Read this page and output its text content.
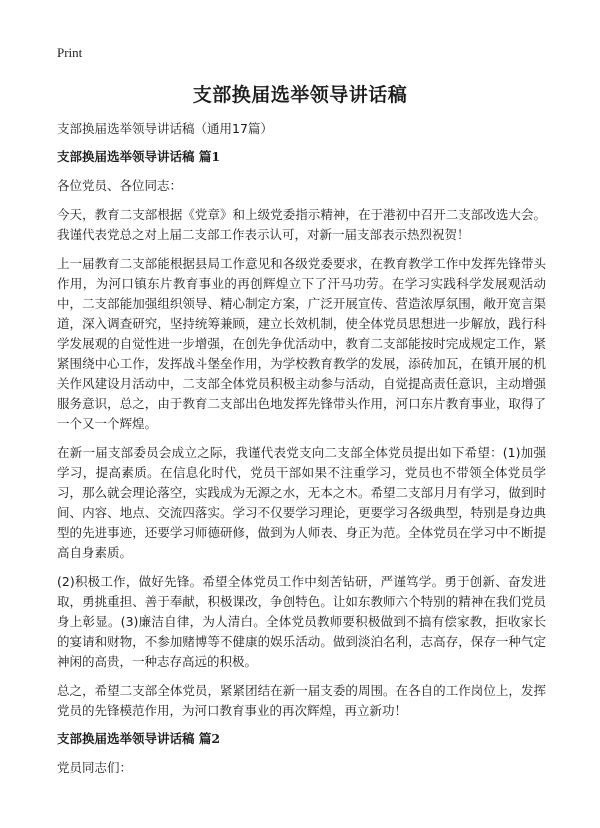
Print
支部换届选举领导讲话稿

支部换届选举领导讲话稿（通用17篇）

支部换届选举领导讲话稿 篇1

各位党员、各位同志：

今天，教育二支部根据《党章》和上级党委指示精神，在于港初中召开二支部改选大会。我谨代表党总之对上届二支部工作表示认可，对新一届支部表示热烈祝贺！

上一届教育二支部能根据县局工作意见和各级党委要求，在教育教学工作中发挥先锋带头作用，为河口镇东片教育事业的再创辉煌立下了汗马功劳。在学习实践科学发展观活动中，二支部能加强组织领导、精心制定方案，广泛开展宣传、营造浓厚氛围，敞开宽言渠道，深入调查研究，坚持统筹兼顾，建立长效机制，使全体党员思想进一步解放，践行科学发展观的自觉性进一步增强，在创先争优活动中，教育二支部能按时完成规定工作，紧紧围绕中心工作，发挥战斗堡垒作用，为学校教育教学的发展，添砖加瓦，在镇开展的机关作风建设月活动中，二支部全体党员积极主动参与活动，自觉提高责任意识，主动增强服务意识，总之，由于教育二支部出色地发挥先锋带头作用，河口东片教育事业，取得了一个又一个辉煌。

在新一届支部委员会成立之际，我谨代表党支向二支部全体党员提出如下希望：(1)加强学习，提高素质。在信息化时代，党员干部如果不注重学习，党员也不带领全体党员学习，那么就会理论落空，实践成为无源之水，无本之木。希望二支部月月有学习，做到时间、内容、地点、交流四落实。学习不仅要学习理论，更要学习各级典型，特别是身边典型的先进事迹，还要学习师德研修，做到为人师表、身正为范。全体党员在学习中不断提高自身素质。

(2)积极工作，做好先锋。希望全体党员工作中刻苦钻研，严谨笃学。勇于创新、奋发进取，勇挑重担、善于奉献，积极课改，争创特色。让如东教师六个特别的精神在我们党员身上彰显。(3)廉洁自律，为人清白。全体党员教师要积极做到不搞有偿家教，拒收家长的宴请和财物，不参加赌博等不健康的娱乐活动。做到淡泊名利，志高存，保存一种气定神闲的高贵，一种志存高远的积极。

总之，希望二支部全体党员，紧紧团结在新一届支委的周围。在各自的工作岗位上，发挥党员的先锋模范作用，为河口教育事业的再次辉煌，再立新功！

支部换届选举领导讲话稿 篇2

党员同志们：
